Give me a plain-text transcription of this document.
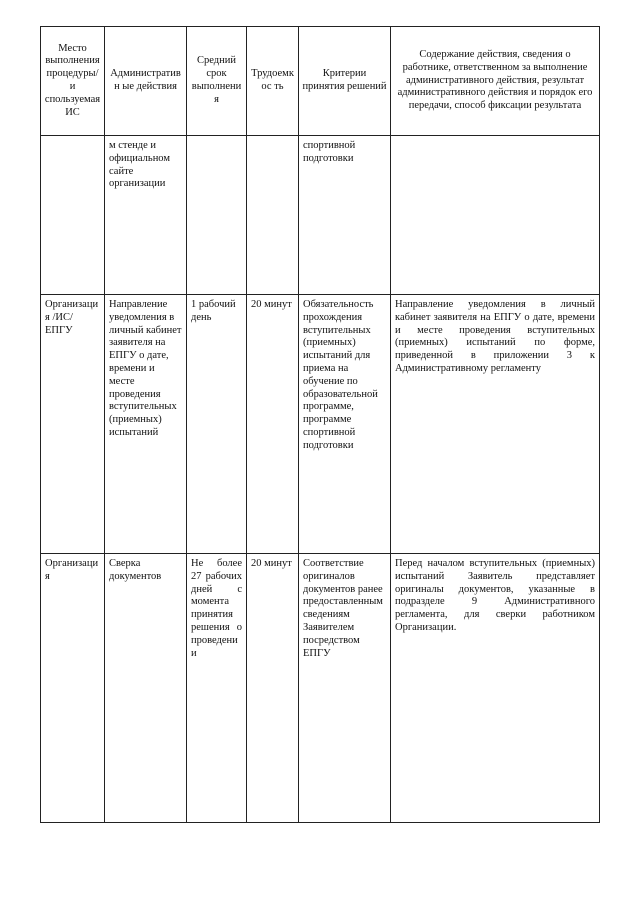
Место выполнения процедуры/и спользуемая ИС	Административн ые действия	Средний срок выполнения	Трудоемкос ть	Критерии принятия решений	Содержание действия, сведения о работнике, ответственном за выполнение административного действия, результат административного действия и порядок его передачи, способ фиксации результата
	м стенде и официальном сайте организации			спортивной подготовки	
Организация /ИС/ЕПГУ	Направление уведомления в личный кабинет заявителя на ЕПГУ о дате, времени и месте проведения вступительных (приемных) испытаний	1 рабочий день	20 минут	Обязательность прохождения вступительных (приемных) испытаний для приема на обучение по образовательной программе, программе спортивной подготовки	Направление уведомления в личный кабинет заявителя на ЕПГУ о дате, времени и месте проведения вступительных (приемных) испытаний по форме, приведенной в приложении 3 к Административному регламенту
Организация	Сверка документов	Не более 27 рабочих дней с момента принятия решения о проведении	20 минут	Соответствие оригиналов документов ранее предоставленным сведениям Заявителем посредством ЕПГУ	Перед началом вступительных (приемных) испытаний Заявитель представляет оригиналы документов, указанные в подразделе 9 Административного регламента, для сверки работником Организации.
